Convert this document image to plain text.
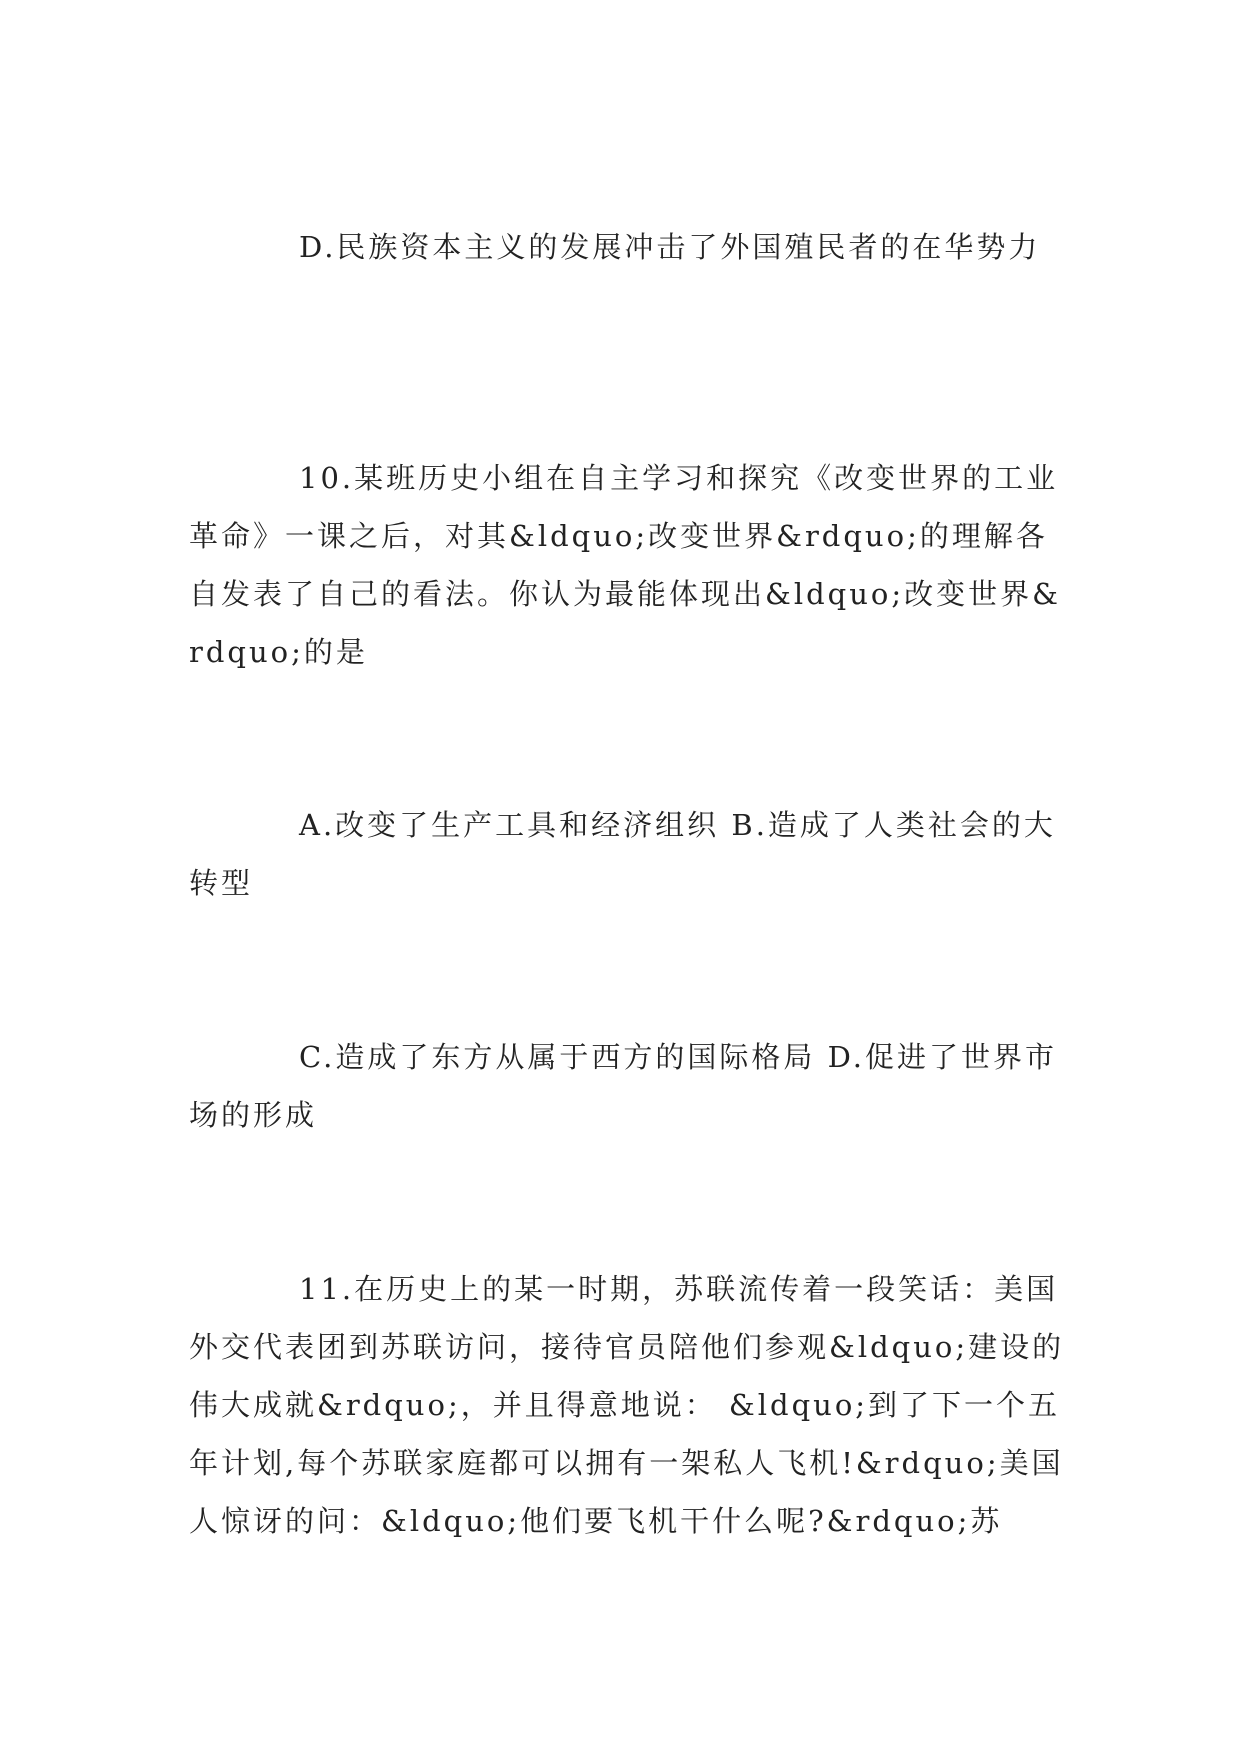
D.民族资本主义的发展冲击了外国殖民者的在华势力

10.某班历史小组在自主学习和探究《改变世界的工业革命》一课之后，对其&ldquo;改变世界&rdquo;的理解各自发表了自己的看法。你认为最能体现出&ldquo;改变世界&rdquo;的是

A.改变了生产工具和经济组织 B.造成了人类社会的大转型

C.造成了东方从属于西方的国际格局 D.促进了世界市场的形成

11.在历史上的某一时期，苏联流传着一段笑话：美国外交代表团到苏联访问，接待官员陪他们参观&ldquo;建设的伟大成就&rdquo;，并且得意地说： &ldquo;到了下一个五年计划,每个苏联家庭都可以拥有一架私人飞机!&rdquo;美国人惊讶的问：&ldquo;他们要飞机干什么呢?&rdquo;苏
